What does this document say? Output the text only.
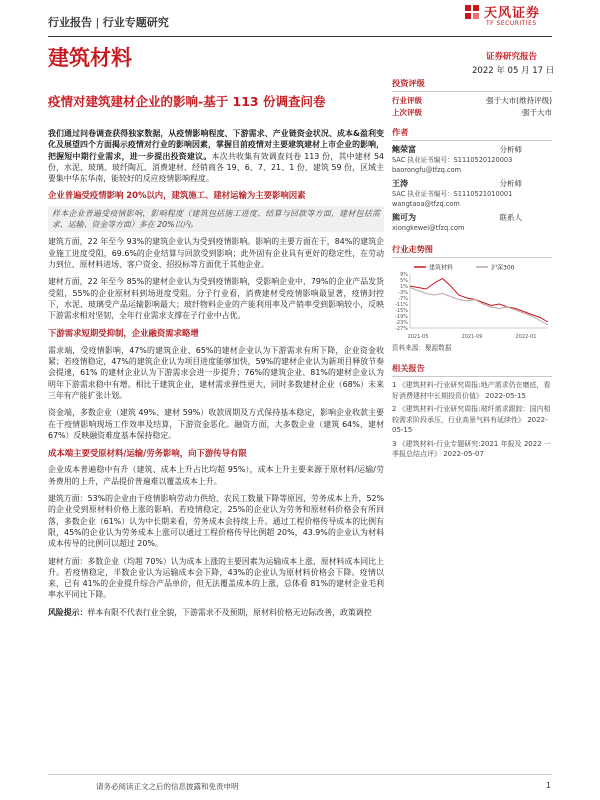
行业报告 | 行业专题研究
天风证券
TF SECURITIES
建筑材料	证券研究报告
2022 年 05 月 17 日
疫情对建筑建材企业的影响-基于 113 份调查问卷

我们通过问卷调查获得独家数据，从疫情影响程度、下游需求、产业链资金状况、成本&盈利变化及展望四个方面揭示疫情对行业的影响因素，掌握目前疫情对主要建筑建材上市企业的影响，把握短中期行业需求，进一步提出投资建议。本次共收集有效调查问卷 113 份，其中建材 54 份，水泥、玻璃、玻纤陶瓦、消费建材、经销商各 19、6、7、21、1 份，建筑 59 份，区域主要集中华东华南，能较好的反应疫情影响程度。

企业普遍受疫情影响 20%以内，建筑施工、建材运输为主要影响因素

样本企业普遍受疫情影响，影响程度（建筑包括施工进度、结算与回款等方面，建材包括需求、运输、资金等方面）多在 20%以内。

建筑方面，22 年至今 93%的建筑企业认为受到疫情影响。影响的主要方面在于，84%的建筑企业施工进度受阻，69.6%的企业结算与回款受到影响；此外固有企业具有更好的稳定性，在劳动力到位、原材料进场、客户资金、招投标等方面优于其他企业。

建材方面，22 年至今 85%的建材企业认为受到疫情影响，受影响企业中，79%的企业产品发货受阻，55%的企业原材料到场进度受阻。分子行业看，消费建材受疫情影响最显著，疫情封控下，水泥、玻璃受产品运输影响最大；玻纤物料企业的产能利用率及产销率受到影响较小，反映下游需求相对坚韧，全年行业需求支撑在子行业中占优。

下游需求短期受抑制，企业融资需求略增

需求端，受疫情影响，47%的建筑企业、65%的建材企业认为下游需求有所下降，企业资金收紧；若疫情稳定，47%的建筑企业认为项目进度能够加快，59%的建材企业认为新项目释放节奏会提速，61% 的建材企业认为下游需求会进一步提升；76%的建筑企业、81%的建材企业认为明年下游需求稳中有增。相比于建筑企业，建材需求弹性更大，同时多数建材企业（68%）未来三年有产能扩张计划。

资金端，多数企业（建筑 49%、建材 59%）收款周期及方式保持基本稳定，影响企业收款主要在于疫情影响现场工作效率及结算，下游资金恶化。融资方面，大多数企业（建筑 64%、建材 67%）反映融资难度基本保持稳定。

成本端主要受原材料/运输/劳务影响，向下游传导有限

企业成本普遍稳中有升（建筑、成本上升占比均超 95%），成本上升主要来源于原材料/运输/劳务费用的上升，产品提价普遍难以覆盖成本上升。

建筑方面：53%的企业由于疫情影响劳动力供给、农民工数量下降等原因，劳务成本上升，52%的企业受到原材料价格上涨的影响。若疫情稳定，25%的企业认为劳务和原材料价格会有所回落，多数企业（61%）认为中长期来看，劳务成本会持续上升。通过工程价格传导成本的比例有限，45%的企业认为劳务成本上涨可以通过工程价格传导比例超 20%，43.9%的企业认为材料成本传导的比例可以超过 20%。

建材方面：多数企业（均超 70%）认为成本上涨的主要因素为运输成本上涨、原材料成本同比上升。若疫情稳定，半数企业认为运输成本会下降，43%的企业认为原材料价格会下降。疫情以来，已有 41%的企业提升综合产品单价，但无法覆盖成本的上涨，总体看 81%的建材企业毛利率水平同比下降。

风险提示：样本有限不代表行业全貌，下游需求不及预期，原材料价格无边际改善，政策调控

投资评级
行业评级	强于大市(维持评级)
上次评级	强于大市
作者
鲍荣富	分析师
SAC 执业证书编号：S1110520120003
baorongfu@tfzq.com
王涛	分析师
SAC 执业证书编号：S1110521010001
wangtaoa@tfzq.com
熊可为	联系人
xiongkewei@tfzq.com
行业走势图
建筑材料	沪深300
9%
5%
1%
-3%
-7%
-11%
-15%
-19%
-23%
-27%
2021-05	2021-09	2022-01
资料来源：聚源数据
相关报告
1 《建筑材料-行业研究周报:地产需求仍在磨底，看好消费建材中长期投资价值》 2022-05-15
2 《建筑材料-行业研究周报:玻纤需求跟踪：国内相较需求阶段承压，行业高景气料有延续性》 2022-05-15
3 《建筑材料-行业专题研究:2021 年报及 2022 一季报总结点评》 2022-05-07
请务必阅读正文之后的信息披露和免责申明	1
